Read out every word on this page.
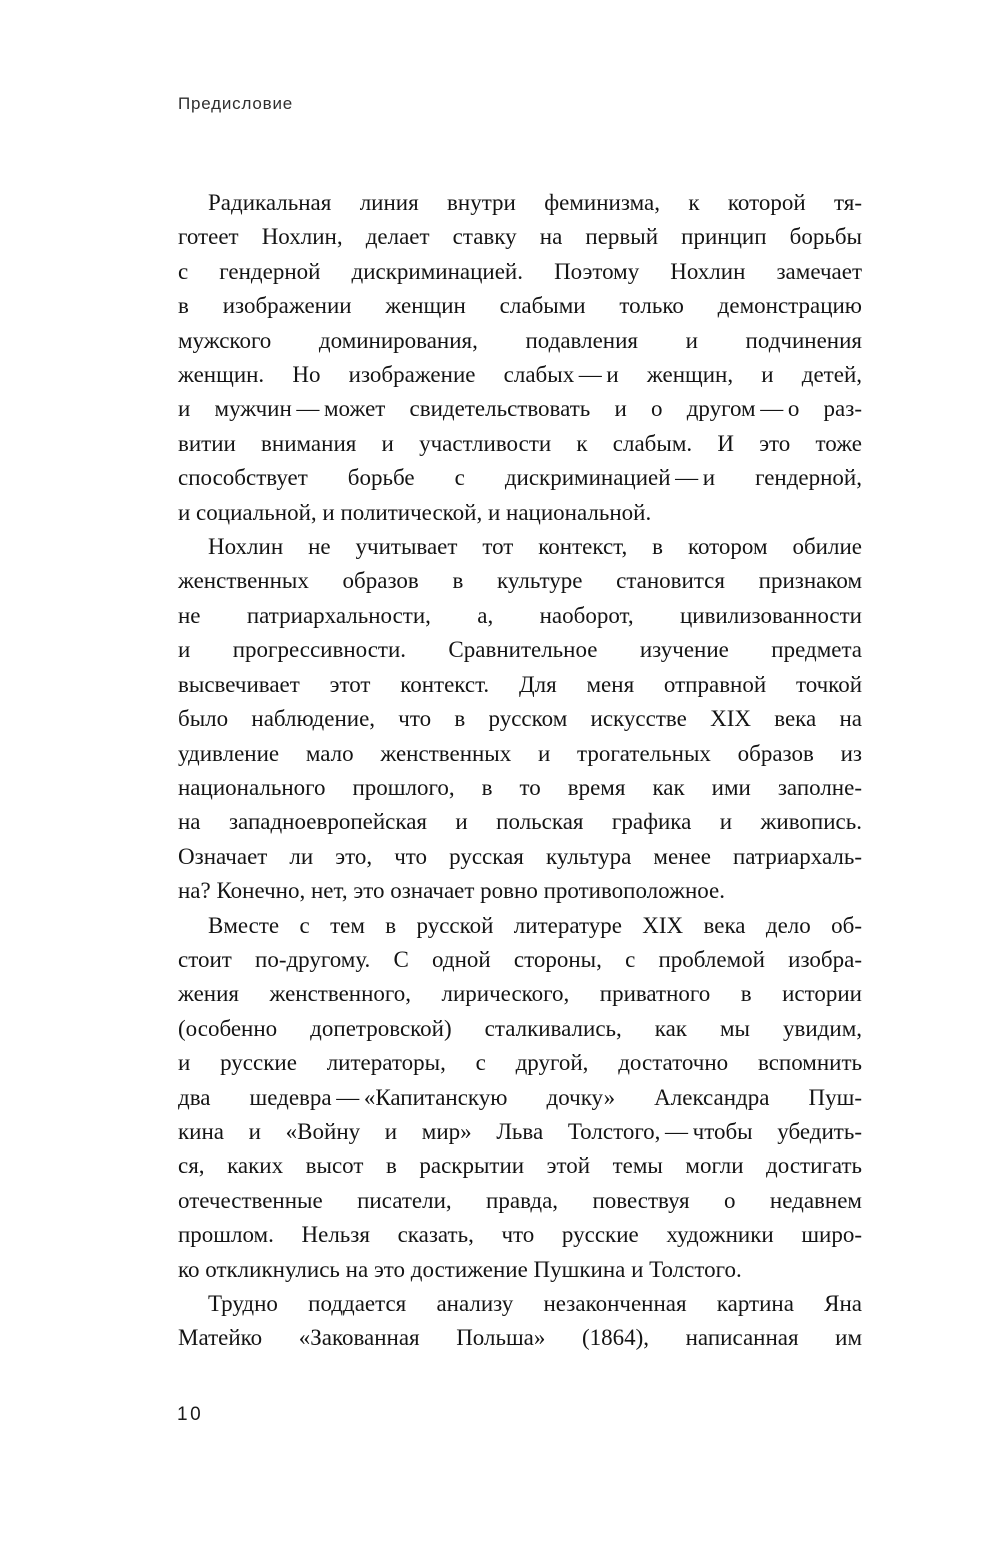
Предисловие
Радикальная линия внутри феминизма, к которой тя-
готеет Нохлин, делает ставку на первый принцип борьбы
с гендерной дискриминацией. Поэтому Нохлин замечает
в изображении женщин слабыми только демонстрацию
мужского доминирования, подавления и подчинения
женщин. Но изображение слабых — и женщин, и детей,
и мужчин — может свидетельствовать и о другом — о раз-
витии внимания и участливости к слабым. И это тоже
способствует борьбе с дискриминацией — и гендерной,
и социальной, и политической, и национальной.
Нохлин не учитывает тот контекст, в котором обилие
женственных образов в культуре становится признаком
не патриархальности, а, наоборот, цивилизованности
и прогрессивности. Сравнительное изучение предмета
высвечивает этот контекст. Для меня отправной точкой
было наблюдение, что в русском искусстве XIX века на
удивление мало женственных и трогательных образов из
национального прошлого, в то время как ими заполне-
на западноевропейская и польская графика и живопись.
Означает ли это, что русская культура менее патриархаль-
на? Конечно, нет, это означает ровно противоположное.
Вместе с тем в русской литературе XIX века дело об-
стоит по-другому. С одной стороны, с проблемой изобра-
жения женственного, лирического, приватного в истории
(особенно допетровской) сталкивались, как мы увидим,
и русские литераторы, с другой, достаточно вспомнить
два шедевра — «Капитанскую дочку» Александра Пуш-
кина и «Войну и мир» Льва Толстого, — чтобы убедить-
ся, каких высот в раскрытии этой темы могли достигать
отечественные писатели, правда, повествуя о недавнем
прошлом. Нельзя сказать, что русские художники широ-
ко откликнулись на это достижение Пушкина и Толстого.
Трудно поддается анализу незаконченная картина Яна
Матейко «Закованная Польша» (1864), написанная им
10
